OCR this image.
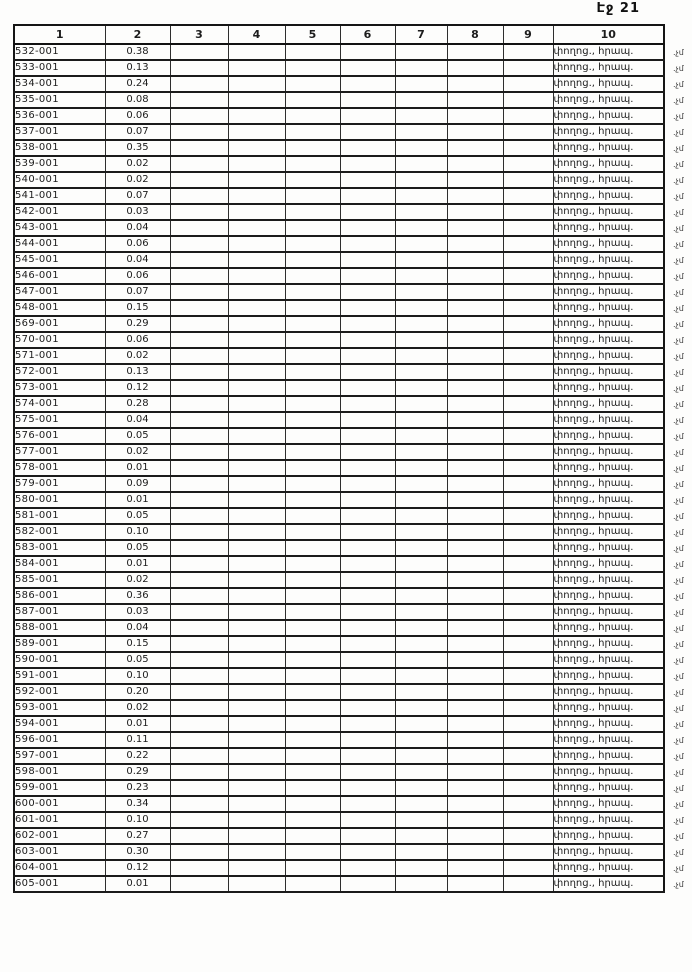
Էջ 21
1	2	3	4	5	6	7	8	9	10
532-001	0.38								փողոց., հրապ. .չմ

533-001	0.13								փողոց., հրապ. .չմ

534-001	0.24								փողոց., հրապ. .չմ

535-001	0.08								փողոց., հրապ. .չմ

536-001	0.06								փողոց., հրապ. .չմ

537-001	0.07								փողոց., հրապ. .չմ

538-001	0.35								փողոց., հրապ. .չմ

539-001	0.02								փողոց., հրապ. .չմ

540-001	0.02								փողոց., հրապ. .չմ

541-001	0.07								փողոց., հրապ. .չմ

542-001	0.03								փողոց., հրապ. .չմ

543-001	0.04								փողոց., հրապ. .չմ

544-001	0.06								փողոց., հրապ. .չմ

545-001	0.04								փողոց., հրապ. .չմ

546-001	0.06								փողոց., հրապ. .չմ

547-001	0.07								փողոց., հրապ. .չմ

548-001	0.15								փողոց., հրապ. .չմ

569-001	0.29								փողոց., հրապ. .չմ

570-001	0.06								փողոց., հրապ. .չմ

571-001	0.02								փողոց., հրապ. .չմ

572-001	0.13								փողոց., հրապ. .չմ

573-001	0.12								փողոց., հրապ. .չմ

574-001	0.28								փողոց., հրապ. .չմ

575-001	0.04								փողոց., հրապ. .չմ

576-001	0.05								փողոց., հրապ. .չմ

577-001	0.02								փողոց., հրապ. .չմ

578-001	0.01								փողոց., հրապ. .չմ

579-001	0.09								փողոց., հրապ. .չմ

580-001	0.01								փողոց., հրապ. .չմ

581-001	0.05								փողոց., հրապ. .չմ

582-001	0.10								փողոց., հրապ. .չմ

583-001	0.05								փողոց., հրապ. .չմ

584-001	0.01								փողոց., հրապ. .չմ

585-001	0.02								փողոց., հրապ. .չմ

586-001	0.36								փողոց., հրապ. .չմ

587-001	0.03								փողոց., հրապ. .չմ

588-001	0.04								փողոց., հրապ. .չմ

589-001	0.15								փողոց., հրապ. .չմ

590-001	0.05								փողոց., հրապ. .չմ

591-001	0.10								փողոց., հրապ. .չմ

592-001	0.20								փողոց., հրապ. .չմ

593-001	0.02								փողոց., հրապ. .չմ

594-001	0.01								փողոց., հրապ. .չմ

596-001	0.11								փողոց., հրապ. .չմ

597-001	0.22								փողոց., հրապ. .չմ

598-001	0.29								փողոց., հրապ. .չմ

599-001	0.23								փողոց., հրապ. .չմ

600-001	0.34								փողոց., հրապ. .չմ

601-001	0.10								փողոց., հրապ. .չմ

602-001	0.27								փողոց., հրապ. .չմ

603-001	0.30								փողոց., հրապ. .չմ

604-001	0.12								փողոց., հրապ. .չմ

605-001	0.01								փողոց., հրապ. .չմ
